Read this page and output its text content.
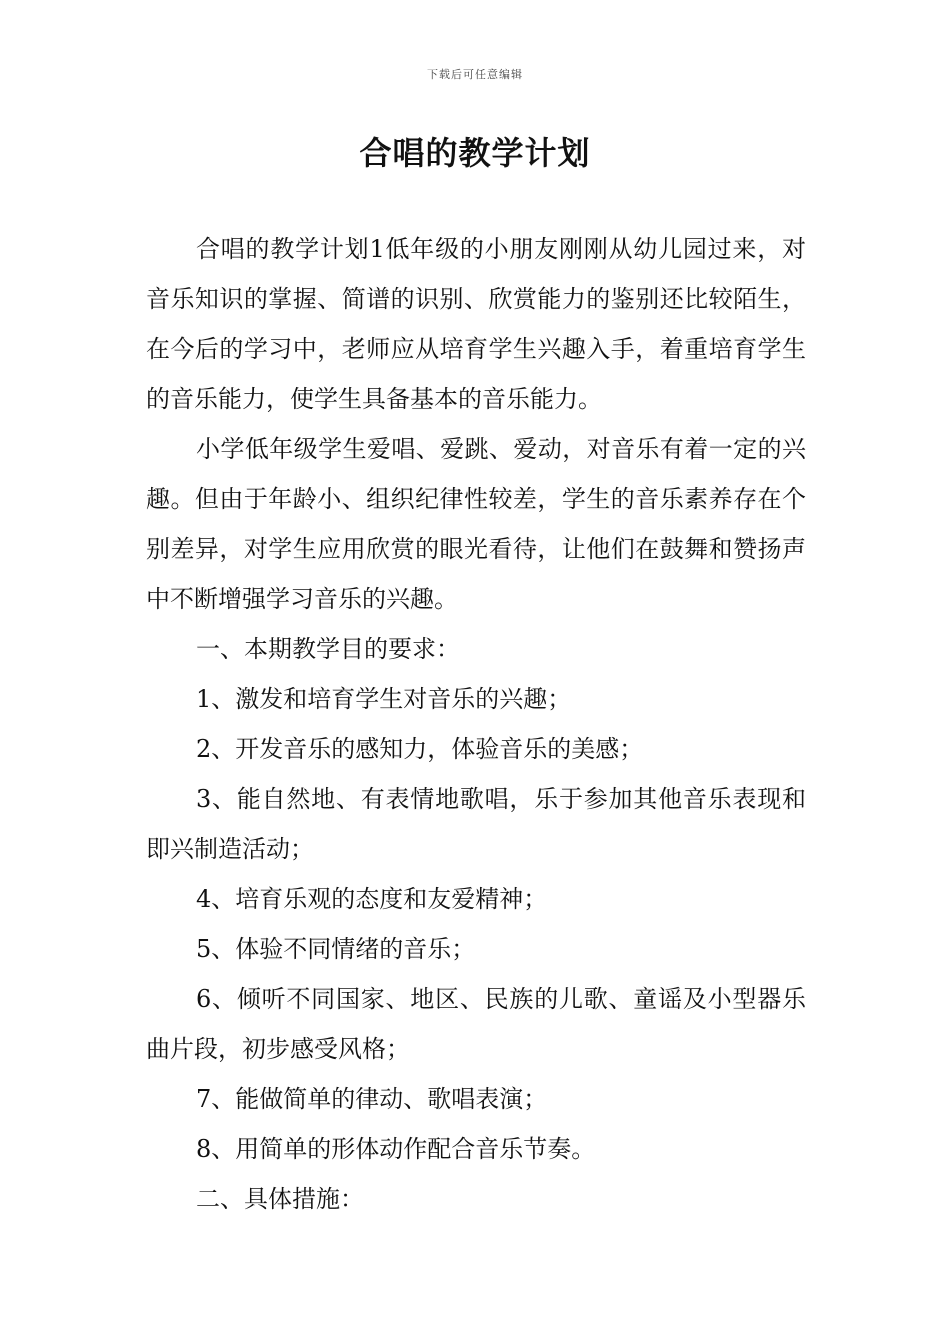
下载后可任意编辑
合唱的教学计划

合唱的教学计划1低年级的小朋友刚刚从幼儿园过来，对音乐知识的掌握、简谱的识别、欣赏能力的鉴别还比较陌生，在今后的学习中，老师应从培育学生兴趣入手，着重培育学生的音乐能力，使学生具备基本的音乐能力。

小学低年级学生爱唱、爱跳、爱动，对音乐有着一定的兴趣。但由于年龄小、组织纪律性较差，学生的音乐素养存在个别差异，对学生应用欣赏的眼光看待，让他们在鼓舞和赞扬声中不断增强学习音乐的兴趣。

一、本期教学目的要求：

1、激发和培育学生对音乐的兴趣；

2、开发音乐的感知力，体验音乐的美感；

3、能自然地、有表情地歌唱，乐于参加其他音乐表现和即兴制造活动；

4、培育乐观的态度和友爱精神；

5、体验不同情绪的音乐；

6、倾听不同国家、地区、民族的儿歌、童谣及小型器乐曲片段，初步感受风格；

7、能做简单的律动、歌唱表演；

8、用简单的形体动作配合音乐节奏。

二、具体措施：
